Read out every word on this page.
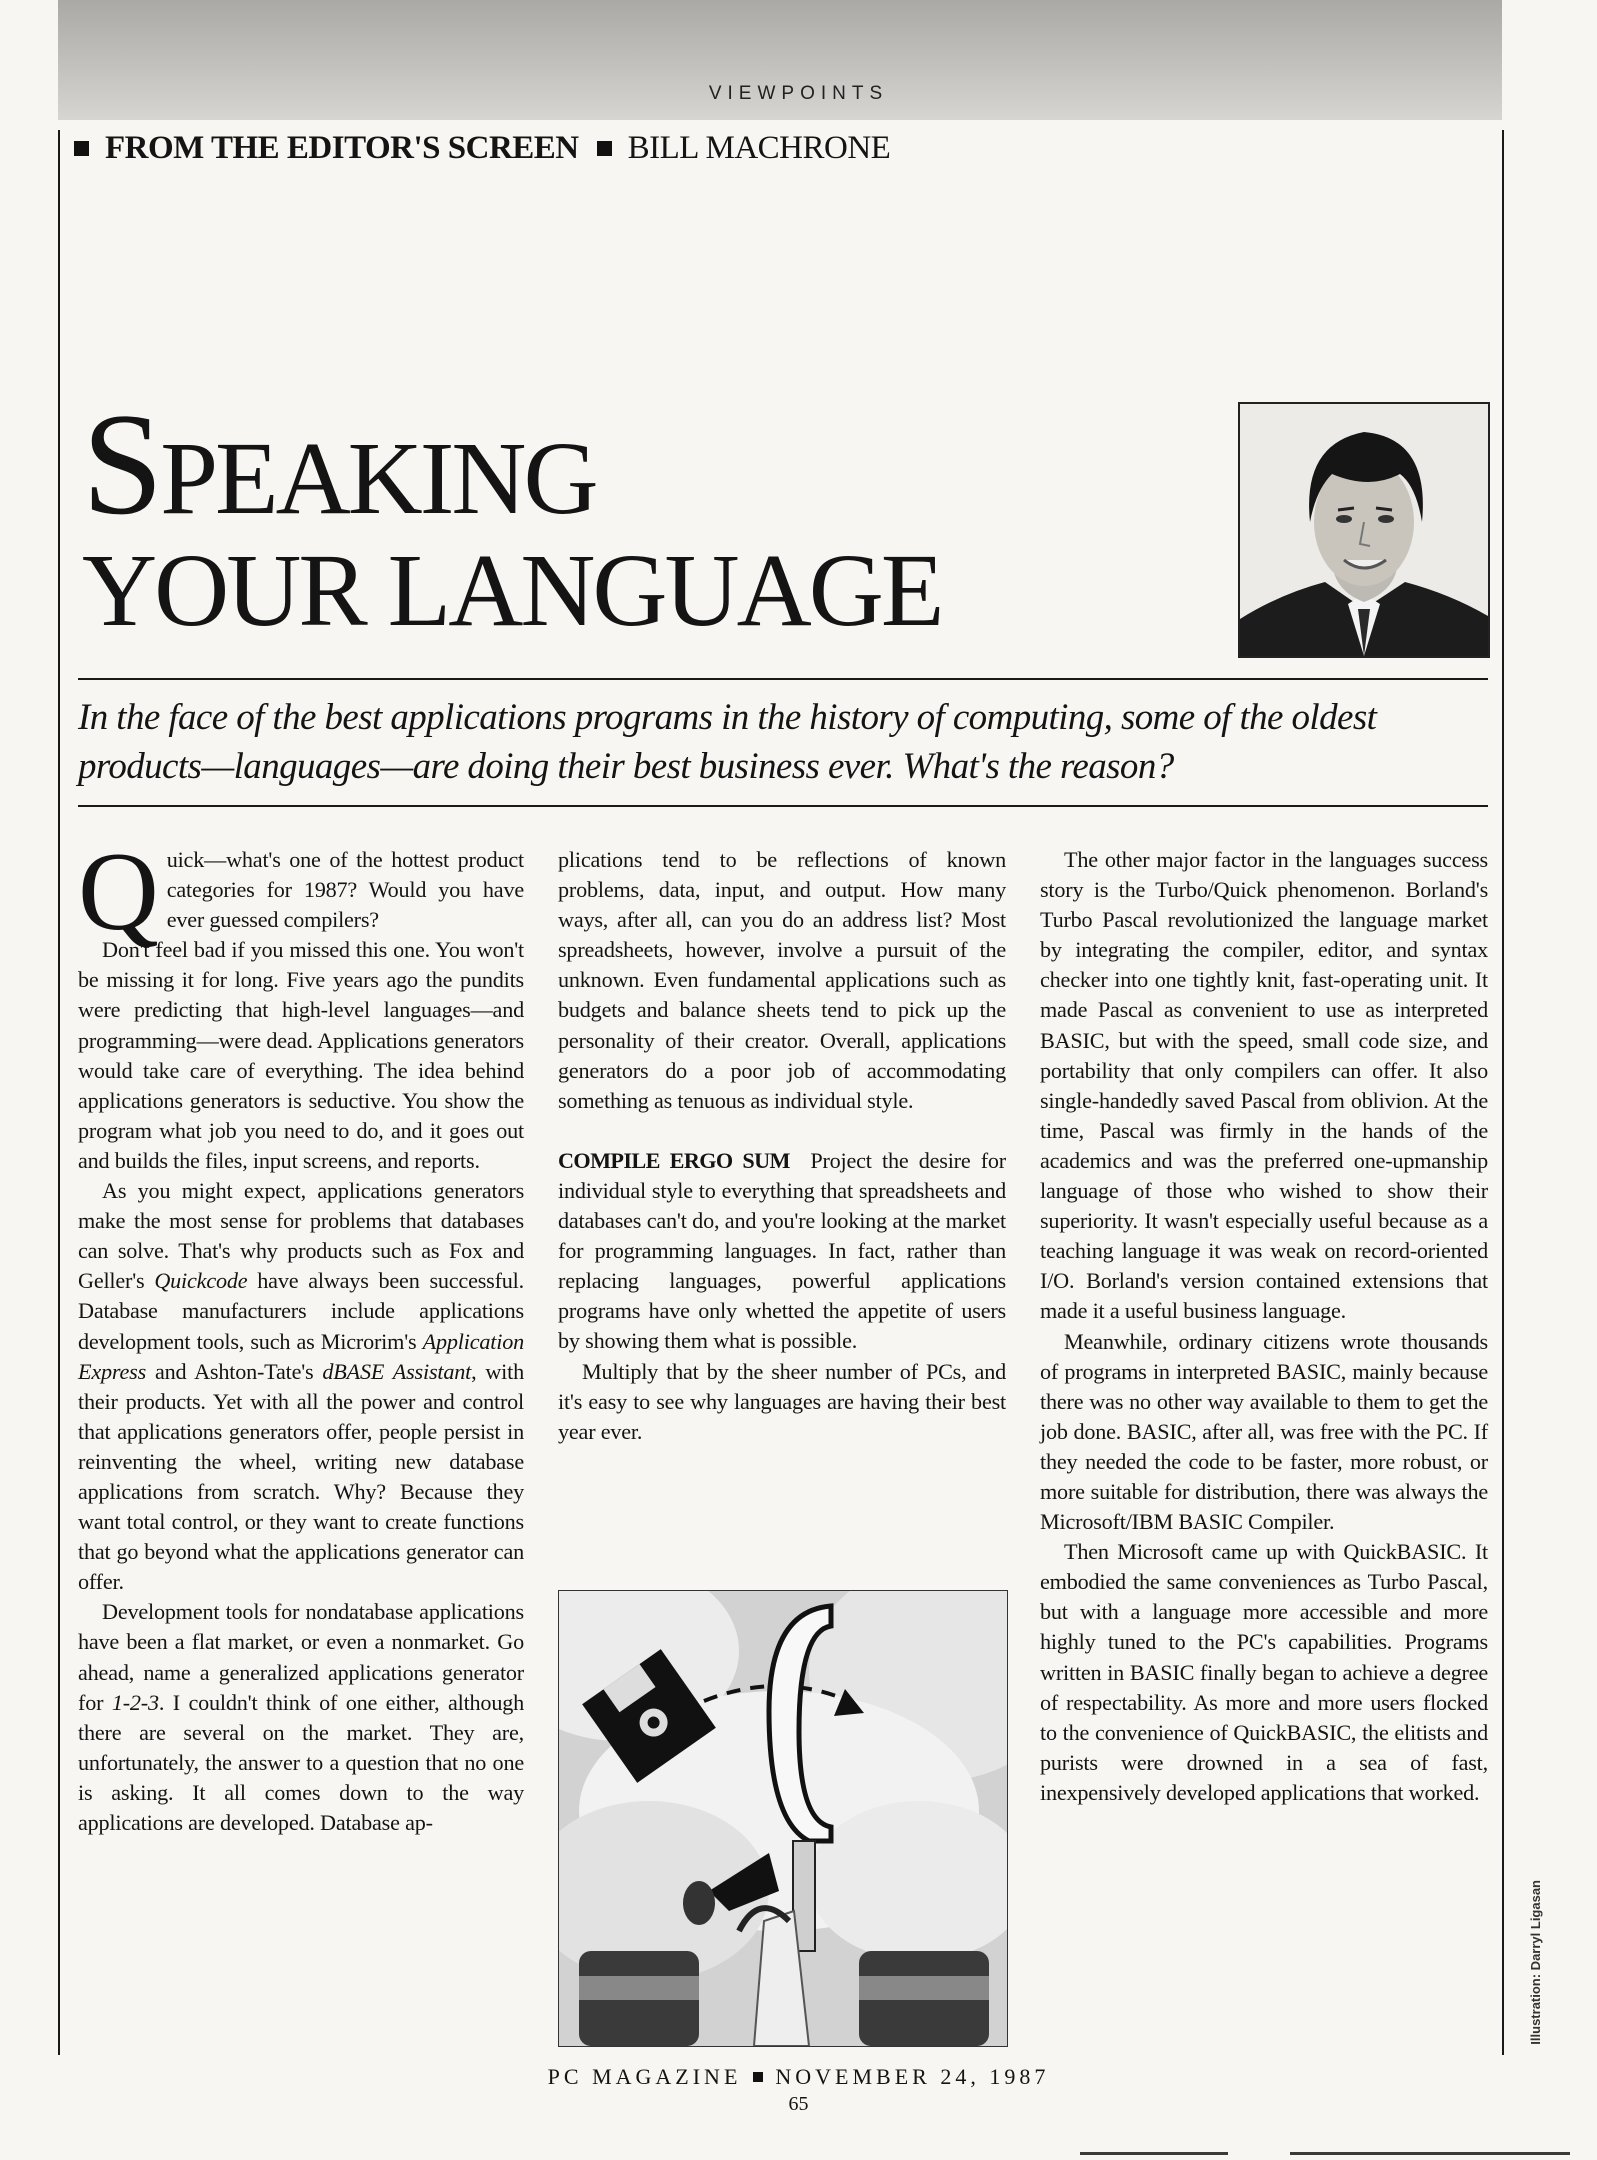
VIEWPOINTS
FROM THE EDITOR'S SCREEN BILL MACHRONE
SPEAKING
YOUR LANGUAGE
In the face of the best applications programs in the history of computing, some of the oldest products—languages—are doing their best business ever. What's the reason?

Quick—what's one of the hottest product categories for 1987? Would you have ever guessed compilers?

Don't feel bad if you missed this one. You won't be missing it for long. Five years ago the pundits were predicting that high-level languages—and programming—were dead. Applications generators would take care of everything. The idea behind applications generators is seductive. You show the program what job you need to do, and it goes out and builds the files, input screens, and reports.

As you might expect, applications generators make the most sense for problems that databases can solve. That's why products such as Fox and Geller's Quickcode have always been successful. Database manufacturers include applications development tools, such as Microrim's Application Express and Ashton-Tate's dBASE Assistant, with their products. Yet with all the power and control that applications generators offer, people persist in reinventing the wheel, writing new database applications from scratch. Why? Because they want total control, or they want to create functions that go beyond what the applications generator can offer.

Development tools for nondatabase applications have been a flat market, or even a nonmarket. Go ahead, name a generalized applications generator for 1-2-3. I couldn't think of one either, although there are several on the market. They are, unfortunately, the answer to a question that no one is asking. It all comes down to the way applications are developed. Database ap-

plications tend to be reflections of known problems, data, input, and output. How many ways, after all, can you do an address list? Most spreadsheets, however, involve a pursuit of the unknown. Even fundamental applications such as budgets and balance sheets tend to pick up the personality of their creator. Overall, applications generators do a poor job of accommodating something as tenuous as individual style.

COMPILE ERGO SUM Project the desire for individual style to everything that spreadsheets and databases can't do, and you're looking at the market for programming languages. In fact, rather than replacing languages, powerful applications programs have only whetted the appetite of users by showing them what is possible.

Multiply that by the sheer number of PCs, and it's easy to see why languages are having their best year ever.

The other major factor in the languages success story is the Turbo/Quick phenomenon. Borland's Turbo Pascal revolutionized the language market by integrating the compiler, editor, and syntax checker into one tightly knit, fast-operating unit. It made Pascal as convenient to use as interpreted BASIC, but with the speed, small code size, and portability that only compilers can offer. It also single-handedly saved Pascal from oblivion. At the time, Pascal was firmly in the hands of the academics and was the preferred one-upmanship language of those who wished to show their superiority. It wasn't especially useful because as a teaching language it was weak on record-oriented I/O. Borland's version contained extensions that made it a useful business language.

Meanwhile, ordinary citizens wrote thousands of programs in interpreted BASIC, mainly because there was no other way available to them to get the job done. BASIC, after all, was free with the PC. If they needed the code to be faster, more robust, or more suitable for distribution, there was always the Microsoft/IBM BASIC Compiler.

Then Microsoft came up with QuickBASIC. It embodied the same conveniences as Turbo Pascal, but with a language more accessible and more highly tuned to the PC's capabilities. Programs written in BASIC finally began to achieve a degree of respectability. As more and more users flocked to the convenience of QuickBASIC, the elitists and purists were drowned in a sea of fast, inexpensively developed applications that worked.

Illustration: Darryl Ligasan
PC MAGAZINE NOVEMBER 24, 1987
65
